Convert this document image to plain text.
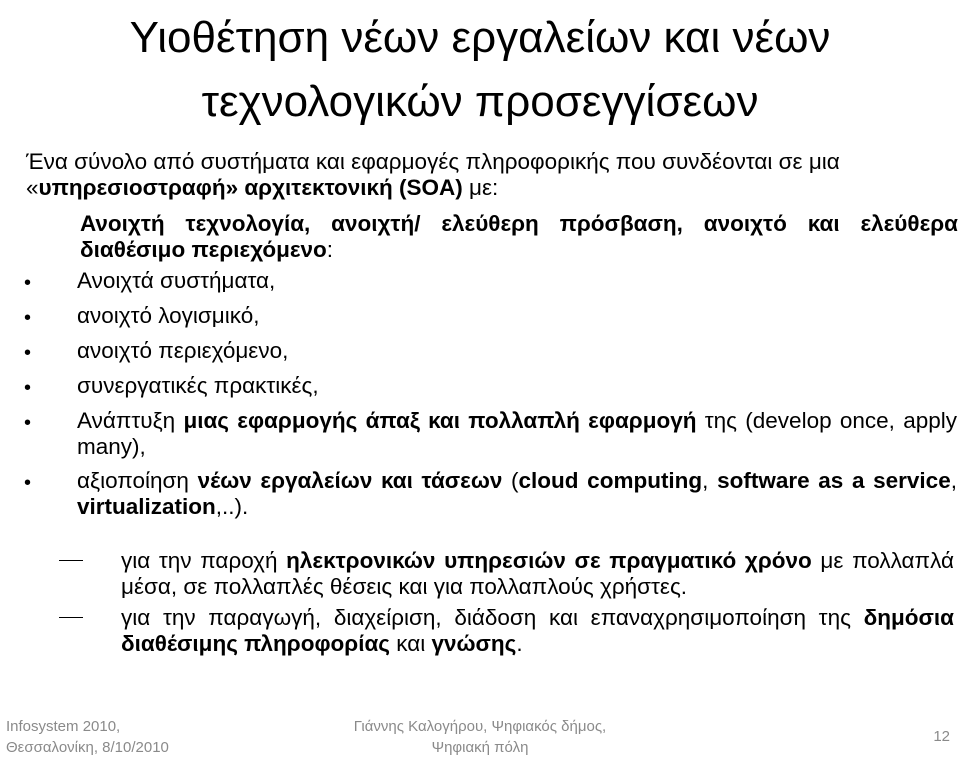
Υιοθέτηση νέων εργαλείων και νέων
τεχνολογικών προσεγγίσεων

Ένα σύνολο από συστήματα και εφαρμογές πληροφορικής που συνδέονται σε μια «υπηρεσιοστραφή» αρχιτεκτονική (SOA) με:

Ανοιχτή τεχνολογία, ανοιχτή/ ελεύθερη πρόσβαση, ανοιχτό και ελεύθερα διαθέσιμο περιεχόμενο:

• Ανοιχτά συστήματα,
• ανοιχτό λογισμικό,
• ανοιχτό περιεχόμενο,
• συνεργατικές πρακτικές,
• Ανάπτυξη μιας εφαρμογής άπαξ και πολλαπλή εφαρμογή της (develop once, apply many),
• αξιοποίηση νέων εργαλείων και τάσεων (cloud computing, software as a service, virtualization,..).
για την παροχή ηλεκτρονικών υπηρεσιών σε πραγματικό χρόνο με πολλαπλά μέσα, σε πολλαπλές θέσεις και για πολλαπλούς χρήστες.
για την παραγωγή, διαχείριση, διάδοση και επαναχρησιμοποίηση της δημόσια διαθέσιμης πληροφορίας και γνώσης.
Infosystem 2010,
Θεσσαλονίκη, 8/10/2010
Γιάννης Καλογήρου, Ψηφιακός δήμος,
Ψηφιακή πόλη
12
